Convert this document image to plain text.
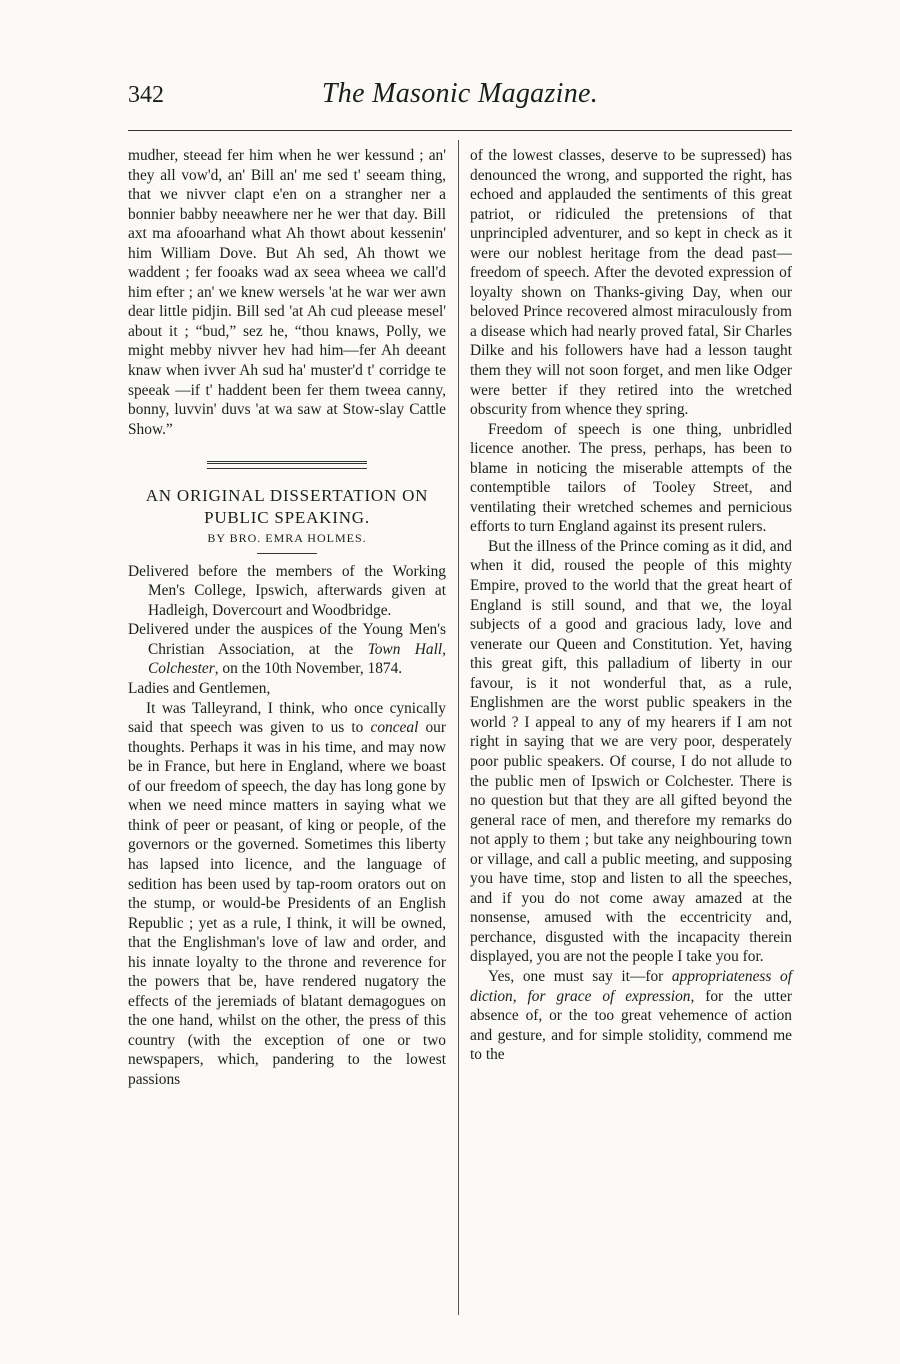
342	The Masonic Magazine.

mudher, steead fer him when he wer kessund ; an' they all vow'd, an' Bill an' me sed t' seeam thing, that we nivver clapt e'en on a strangher ner a bonnier babby neeawhere ner he wer that day. Bill axt ma afooarhand what Ah thowt about kessenin' him William Dove. But Ah sed, Ah thowt we waddent ; fer fooaks wad ax seea wheea we call'd him efter ; an' we knew wersels 'at he war wer awn dear little pidjin. Bill sed 'at Ah cud pleease mesel' about it ; “bud,” sez he, “thou knaws, Polly, we might mebby nivver hev had him—fer Ah deeant knaw when ivver Ah sud ha' muster'd t' corridge te speeak —if t' haddent been fer them tweea canny, bonny, luvvin' duvs 'at wa saw at Stow-slay Cattle Show.”

AN ORIGINAL DISSERTATION ON
PUBLIC SPEAKING.

BY BRO. EMRA HOLMES.

Delivered before the members of the Working Men's College, Ipswich, afterwards given at Hadleigh, Dovercourt and Woodbridge.

Delivered under the auspices of the Young Men's Christian Association, at the Town Hall, Colchester, on the 10th November, 1874.

Ladies and Gentlemen,

It was Talleyrand, I think, who once cynically said that speech was given to us to conceal our thoughts. Perhaps it was in his time, and may now be in France, but here in England, where we boast of our freedom of speech, the day has long gone by when we need mince matters in saying what we think of peer or peasant, of king or people, of the governors or the governed. Sometimes this liberty has lapsed into licence, and the language of sedition has been used by tap-room orators out on the stump, or would-be Presidents of an English Republic ; yet as a rule, I think, it will be owned, that the Englishman's love of law and order, and his innate loyalty to the throne and reverence for the powers that be, have rendered nugatory the effects of the jeremiads of blatant demagogues on the one hand, whilst on the other, the press of this country (with the exception of one or two newspapers, which, pandering to the lowest passions

of the lowest classes, deserve to be supressed) has denounced the wrong, and supported the right, has echoed and applauded the sentiments of this great patriot, or ridiculed the pretensions of that unprincipled adventurer, and so kept in check as it were our noblest heritage from the dead past—freedom of speech. After the devoted expression of loyalty shown on Thanks-giving Day, when our beloved Prince recovered almost miraculously from a disease which had nearly proved fatal, Sir Charles Dilke and his followers have had a lesson taught them they will not soon forget, and men like Odger were better if they retired into the wretched obscurity from whence they spring.

Freedom of speech is one thing, unbridled licence another. The press, perhaps, has been to blame in noticing the miserable attempts of the contemptible tailors of Tooley Street, and ventilating their wretched schemes and pernicious efforts to turn England against its present rulers.

But the illness of the Prince coming as it did, and when it did, roused the people of this mighty Empire, proved to the world that the great heart of England is still sound, and that we, the loyal subjects of a good and gracious lady, love and venerate our Queen and Constitution. Yet, having this great gift, this palladium of liberty in our favour, is it not wonderful that, as a rule, Englishmen are the worst public speakers in the world ? I appeal to any of my hearers if I am not right in saying that we are very poor, desperately poor public speakers. Of course, I do not allude to the public men of Ipswich or Colchester. There is no question but that they are all gifted beyond the general race of men, and therefore my remarks do not apply to them ; but take any neighbouring town or village, and call a public meeting, and supposing you have time, stop and listen to all the speeches, and if you do not come away amazed at the nonsense, amused with the eccentricity and, perchance, disgusted with the incapacity therein displayed, you are not the people I take you for.

Yes, one must say it—for appropriateness of diction, for grace of expression, for the utter absence of, or the too great vehemence of action and gesture, and for simple stolidity, commend me to the
